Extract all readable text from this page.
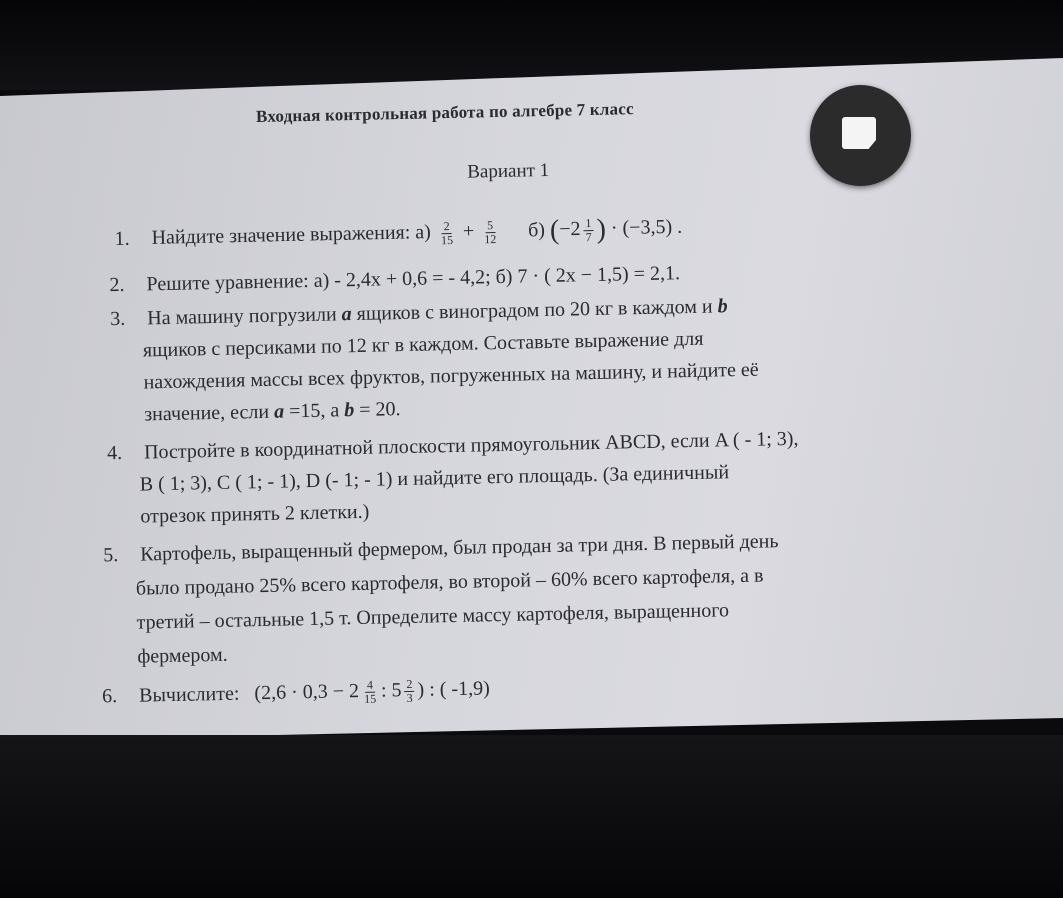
Входная контрольная работа по алгебре 7 класс
Вариант 1
1. Найдите значение выражения: $а) \frac{2}{15} + \frac{5}{12} б$) ($-2 \frac{1}{7}$ ) · (−3,5) .
2. Решите уравнение: а) - 2,4x + 0,6 = - 4,2; б) 7 · ( 2x − 1,5) = 2,1.
3. На машину погрузили a ящиков с виноградом по 20 кг в каждом и b
ящиков с персиками по 12 кг в каждом. Составьте выражение для
нахождения массы всех фруктов, погруженных на машину, и найдите её
значение, если a =15, а b = 20.
4. Постройте в координатной плоскости прямоугольник ABCD, если A ( - 1; 3),
B ( 1; 3), C ( 1; - 1), D (- 1; - 1) и найдите его площадь. (За единичный
отрезок принять 2 клетки.)
5. Картофель, выращенный фермером, был продан за три дня. В первый день
было продано 25% всего картофеля, во второй – 60% всего картофеля, а в
третий – остальные 1,5 т. Определите массу картофеля, выращенного
фермером.
6. Вычислите: ($2,6 \cdot 0,3 - 2 \frac{4}{15}$ : $5 \frac{2}{3}$ ) : ( -1,9)
